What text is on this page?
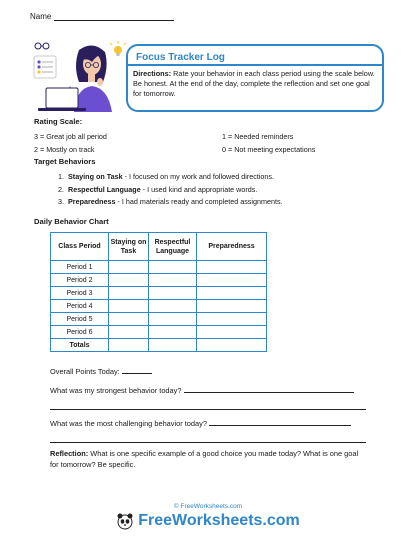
Name
Focus Tracker Log
Directions: Rate your behavior in each class period using the scale below. Be honest. At the end of the day, complete the reflection and set one goal for tomorrow.
Rating Scale:
3 = Great job all period
2 = Mostly on track
1 = Needed reminders
0 = Not meeting expectations
Target Behaviors
1. Staying on Task - I focused on my work and followed directions.
2. Respectful Language - I used kind and appropriate words.
3. Preparedness - I had materials ready and completed assignments.
Daily Behavior Chart
Class Period	Staying on Task	Respectful Language	Preparedness
Period 1			
Period 2			
Period 3			
Period 4			
Period 5			
Period 6			
Totals			
Overall Points Today:
What was my strongest behavior today?
What was the most challenging behavior today?
Reflection: What is one specific example of a good choice you made today? What is one goal for tomorrow? Be specific.
© FreeWorksheets.com
FreeWorksheets.com
